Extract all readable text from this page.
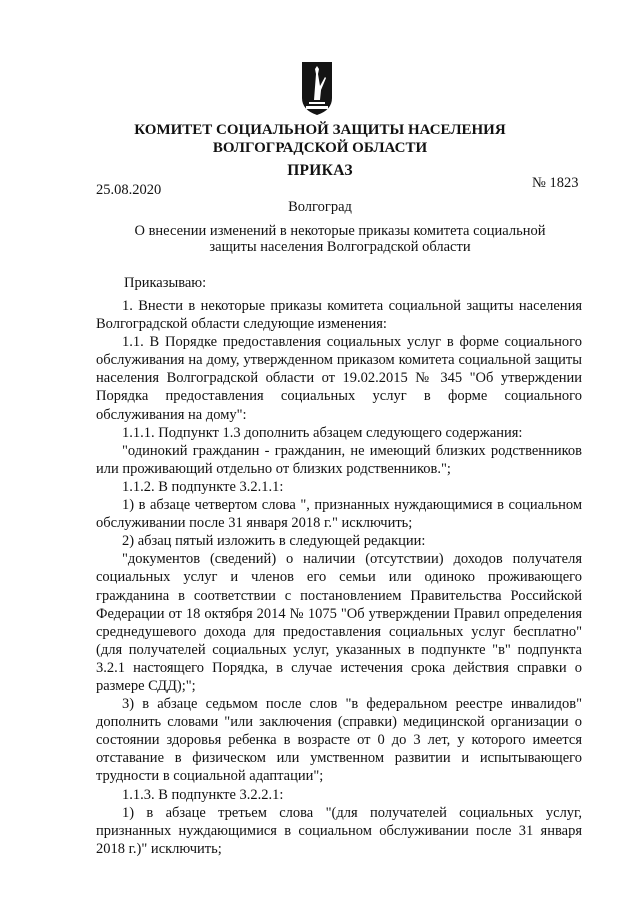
КОМИТЕТ СОЦИАЛЬНОЙ ЗАЩИТЫ НАСЕЛЕНИЯ
ВОЛГОГРАДСКОЙ ОБЛАСТИ
ПРИКАЗ
25.08.2020	№ 1823
Волгоград
О внесении изменений в некоторые приказы комитета социальной
защиты населения Волгоградской области
Приказываю:

1. Внести в некоторые приказы комитета социальной защиты населения Волгоградской области следующие изменения:

1.1. В Порядке предоставления социальных услуг в форме социального обслуживания на дому, утвержденном приказом комитета социальной защиты населения Волгоградской области от 19.02.2015 № 345 "Об утверждении Порядка предоставления социальных услуг в форме социального обслуживания на дому":

1.1.1. Подпункт 1.3 дополнить абзацем следующего содержания:

"одинокий гражданин - гражданин, не имеющий близких родственников или проживающий отдельно от близких родственников.";

1.1.2. В подпункте 3.2.1.1:

1) в абзаце четвертом слова ", признанных нуждающимися в социальном обслуживании после 31 января 2018 г." исключить;

2) абзац пятый изложить в следующей редакции:

"документов (сведений) о наличии (отсутствии) доходов получателя социальных услуг и членов его семьи или одиноко проживающего гражданина в соответствии с постановлением Правительства Российской Федерации от 18 октября 2014 № 1075 "Об утверждении Правил определения среднедушевого дохода для предоставления социальных услуг бесплатно" (для получателей социальных услуг, указанных в подпункте "в" подпункта 3.2.1 настоящего Порядка, в случае истечения срока действия справки о размере СДД);";

3) в абзаце седьмом после слов "в федеральном реестре инвалидов" дополнить словами "или заключения (справки) медицинской организации о состоянии здоровья ребенка в возрасте от 0 до 3 лет, у которого имеется отставание в физическом или умственном развитии и испытывающего трудности в социальной адаптации";

1.1.3. В подпункте 3.2.2.1:

1) в абзаце третьем слова "(для получателей социальных услуг, признанных нуждающимися в социальном обслуживании после 31 января 2018 г.)" исключить;
